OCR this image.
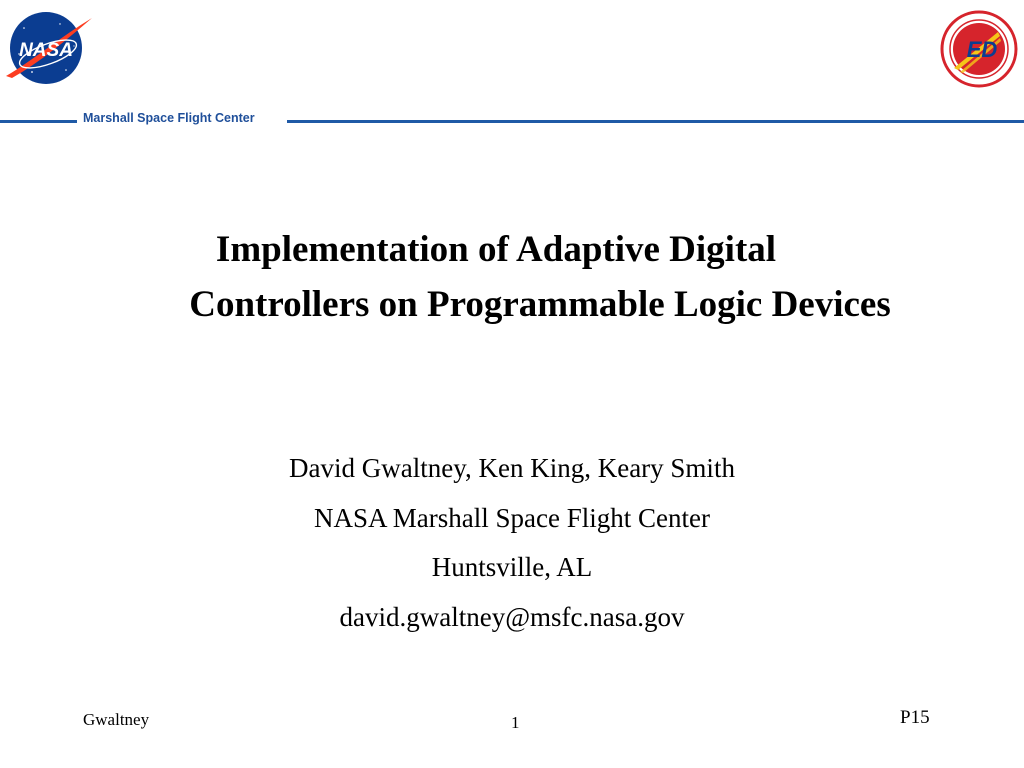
NASA	ED
Marshall Space Flight Center
Implementation of Adaptive Digital
Controllers on Programmable Logic Devices
David Gwaltney, Ken King, Keary Smith
NASA Marshall Space Flight Center
Huntsville, AL
david.gwaltney@msfc.nasa.gov
Gwaltney	1	P15
